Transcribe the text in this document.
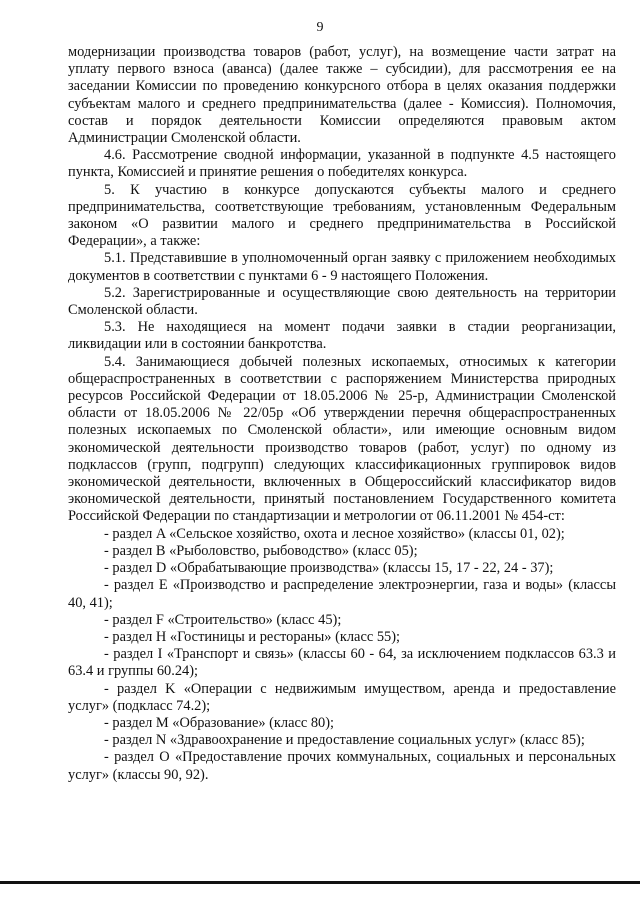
9

модернизации производства товаров (работ, услуг), на возмещение части затрат на уплату первого взноса (аванса) (далее также – субсидии), для рассмотрения ее на заседании Комиссии по проведению конкурсного отбора в целях оказания поддержки субъектам малого и среднего предпринимательства (далее - Комиссия). Полномочия, состав и порядок деятельности Комиссии определяются правовым актом Администрации Смоленской области.

4.6. Рассмотрение сводной информации, указанной в подпункте 4.5 настоящего пункта, Комиссией и принятие решения о победителях конкурса.

5. К участию в конкурсе допускаются субъекты малого и среднего предпринимательства, соответствующие требованиям, установленным Федеральным законом «О развитии малого и среднего предпринимательства в Российской Федерации», а также:

5.1. Представившие в уполномоченный орган заявку с приложением необходимых документов в соответствии с пунктами 6 - 9 настоящего Положения.

5.2. Зарегистрированные и осуществляющие свою деятельность на территории Смоленской области.

5.3. Не находящиеся на момент подачи заявки в стадии реорганизации, ликвидации или в состоянии банкротства.

5.4. Занимающиеся добычей полезных ископаемых, относимых к категории общераспространенных в соответствии с распоряжением Министерства природных ресурсов Российской Федерации от 18.05.2006 № 25-р, Администрации Смоленской области от 18.05.2006 № 22/05р «Об утверждении перечня общераспространенных полезных ископаемых по Смоленской области», или имеющие основным видом экономической деятельности производство товаров (работ, услуг) по одному из подклассов (групп, подгрупп) следующих классификационных группировок видов экономической деятельности, включенных в Общероссийский классификатор видов экономической деятельности, принятый постановлением Государственного комитета Российской Федерации по стандартизации и метрологии от 06.11.2001 № 454-ст:

- раздел A «Сельское хозяйство, охота и лесное хозяйство» (классы 01, 02);

- раздел B «Рыболовство, рыбоводство» (класс 05);

- раздел D «Обрабатывающие производства» (классы 15, 17 - 22, 24 - 37);

- раздел E «Производство и распределение электроэнергии, газа и воды» (классы 40, 41);

- раздел F «Строительство» (класс 45);

- раздел H «Гостиницы и рестораны» (класс 55);

- раздел I «Транспорт и связь» (классы 60 - 64, за исключением подклассов 63.3 и 63.4 и группы 60.24);

- раздел K «Операции с недвижимым имуществом, аренда и предоставление услуг» (подкласс 74.2);

- раздел M «Образование» (класс 80);

- раздел N «Здравоохранение и предоставление социальных услуг» (класс 85);

- раздел O «Предоставление прочих коммунальных, социальных и персональных услуг» (классы 90, 92).
